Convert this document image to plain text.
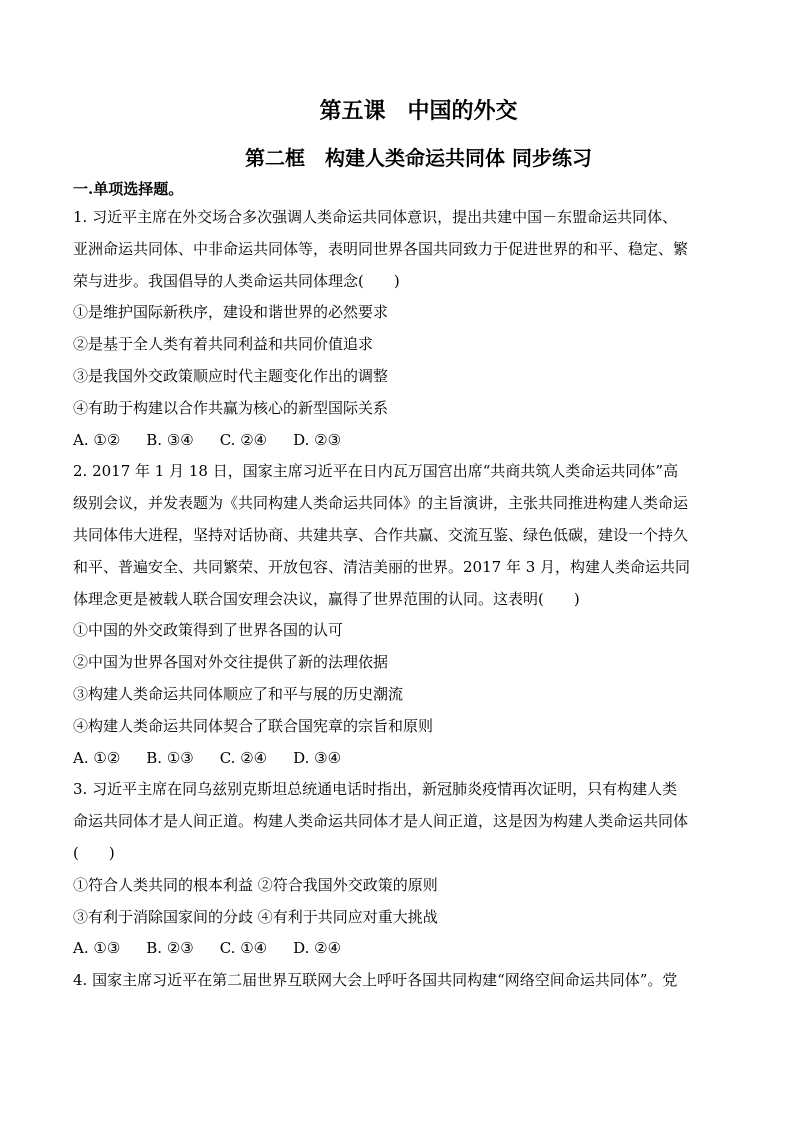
第五课　中国的外交
第二框　构建人类命运共同体 同步练习
一.单项选择题。
1. 习近平主席在外交场合多次强调人类命运共同体意识，提出共建中国－东盟命运共同体、
亚洲命运共同体、中非命运共同体等，表明同世界各国共同致力于促进世界的和平、稳定、繁
荣与进步。我国倡导的人类命运共同体理念(　　)
①是维护国际新秩序，建设和谐世界的必然要求
②是基于全人类有着共同利益和共同价值追求
③是我国外交政策顺应时代主题变化作出的调整
④有助于构建以合作共赢为核心的新型国际关系
A. ①② B. ③④ C. ②④ D. ②③
2. 2017 年 1 月 18 日，国家主席习近平在日内瓦万国宫出席“共商共筑人类命运共同体”高
级别会议，并发表题为《共同构建人类命运共同体》的主旨演讲，主张共同推进构建人类命运
共同体伟大进程，坚持对话协商、共建共享、合作共赢、交流互鉴、绿色低碳，建设一个持久
和平、普遍安全、共同繁荣、开放包容、清洁美丽的世界。2017 年 3 月，构建人类命运共同
体理念更是被载人联合国安理会决议，赢得了世界范围的认同。这表明(　　)
①中国的外交政策得到了世界各国的认可
②中国为世界各国对外交往提供了新的法理依据
③构建人类命运共同体顺应了和平与展的历史潮流
④构建人类命运共同体契合了联合国宪章的宗旨和原则
A. ①② B. ①③ C. ②④ D. ③④
3. 习近平主席在同乌兹别克斯坦总统通电话时指出，新冠肺炎疫情再次证明，只有构建人类
命运共同体才是人间正道。构建人类命运共同体才是人间正道，这是因为构建人类命运共同体
(　　)
①符合人类共同的根本利益 ②符合我国外交政策的原则
③有利于消除国家间的分歧 ④有利于共同应对重大挑战
A. ①③ B. ②③ C. ①④ D. ②④
4. 国家主席习近平在第二届世界互联网大会上呼吁各国共同构建“网络空间命运共同体”。党
